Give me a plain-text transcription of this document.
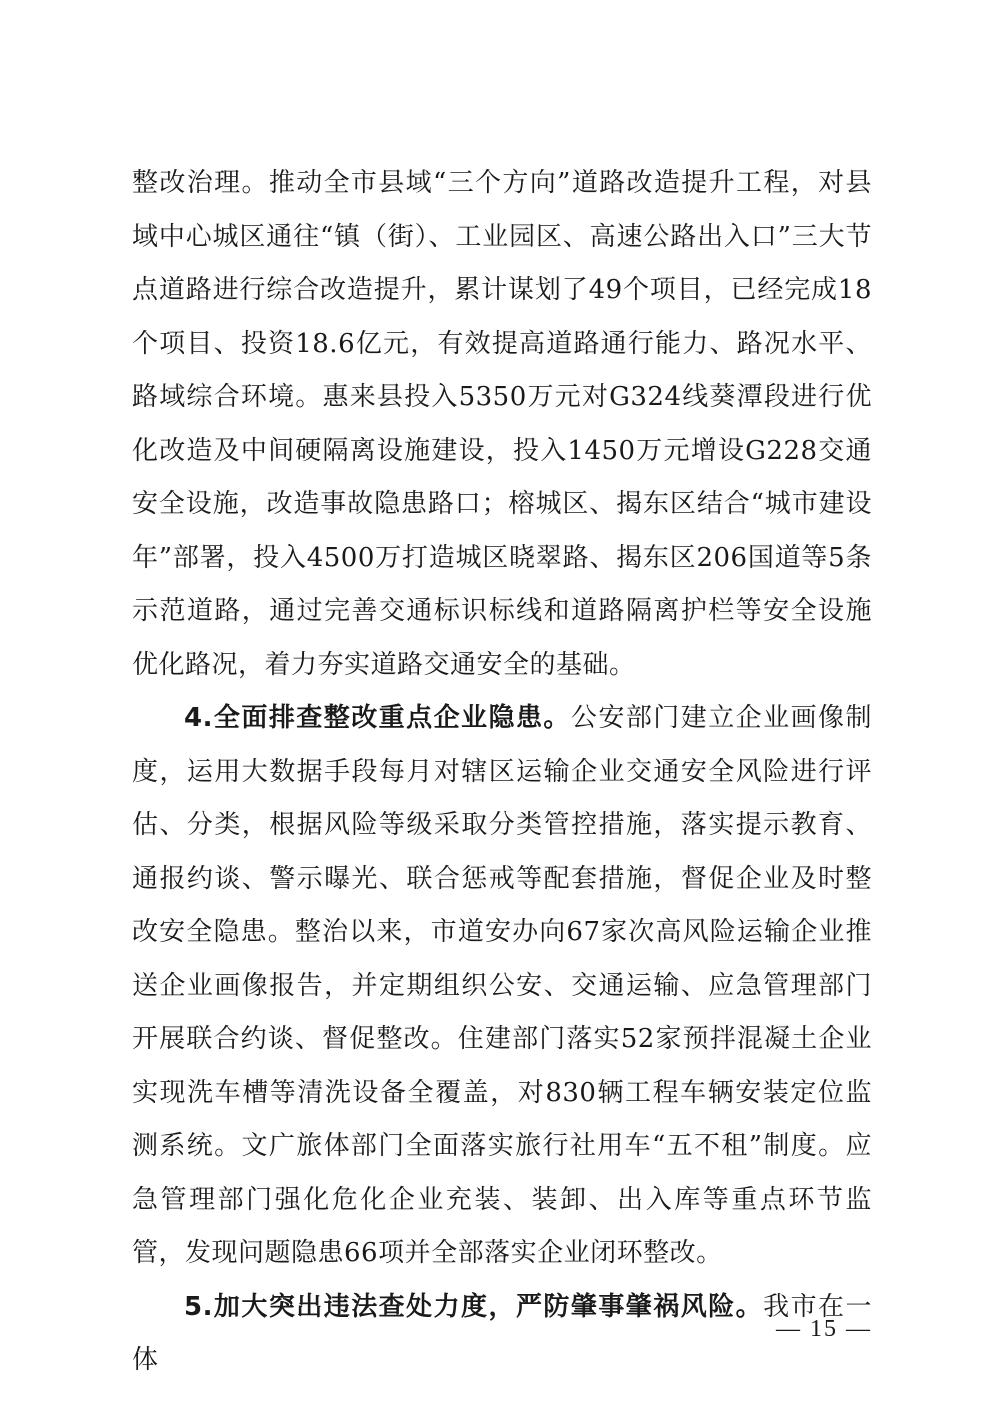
整改治理。推动全市县域“三个方向”道路改造提升工程，对县域中心城区通往“镇（街）、工业园区、高速公路出入口”三大节点道路进行综合改造提升，累计谋划了49个项目，已经完成18个项目、投资18.6亿元，有效提高道路通行能力、路况水平、路域综合环境。惠来县投入5350万元对G324线葵潭段进行优化改造及中间硬隔离设施建设，投入1450万元增设G228交通安全设施，改造事故隐患路口；榕城区、揭东区结合“城市建设年”部署，投入4500万打造城区晓翠路、揭东区206国道等5条示范道路，通过完善交通标识标线和道路隔离护栏等安全设施优化路况，着力夯实道路交通安全的基础。

4.全面排查整改重点企业隐患。公安部门建立企业画像制度，运用大数据手段每月对辖区运输企业交通安全风险进行评估、分类，根据风险等级采取分类管控措施，落实提示教育、通报约谈、警示曝光、联合惩戒等配套措施，督促企业及时整改安全隐患。整治以来，市道安办向67家次高风险运输企业推送企业画像报告，并定期组织公安、交通运输、应急管理部门开展联合约谈、督促整改。住建部门落实52家预拌混凝土企业实现洗车槽等清洗设备全覆盖，对830辆工程车辆安装定位监测系统。文广旅体部门全面落实旅行社用车“五不租”制度。应急管理部门强化危化企业充装、装卸、出入库等重点环节监管，发现问题隐患66项并全部落实企业闭环整改。

5.加大突出违法查处力度，严防肇事肇祸风险。我市在一体

— 15 —
